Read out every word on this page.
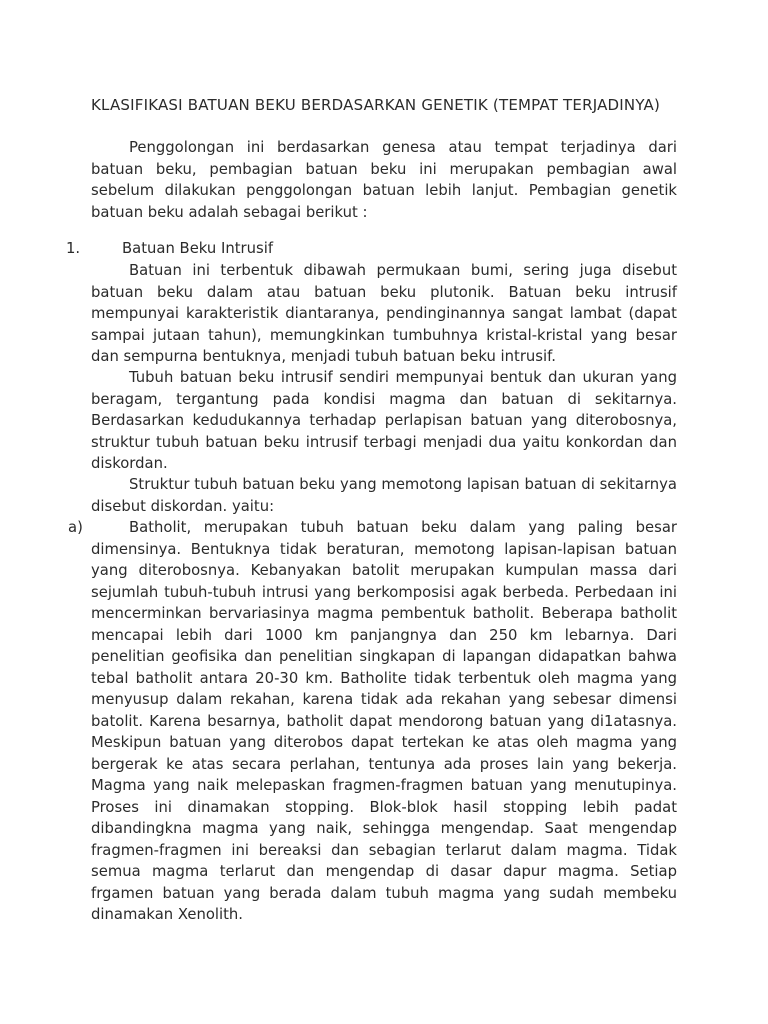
KLASIFIKASI BATUAN BEKU BERDASARKAN GENETIK (TEMPAT TERJADINYA)

Penggolongan ini berdasarkan genesa atau tempat terjadinya dari batuan beku, pembagian batuan beku ini merupakan pembagian awal sebelum dilakukan penggolongan batuan lebih lanjut. Pembagian genetik batuan beku adalah sebagai berikut :

1.	Batuan Beku Intrusif

Batuan ini terbentuk dibawah permukaan bumi, sering juga disebut batuan beku dalam atau batuan beku plutonik. Batuan beku intrusif mempunyai karakteristik diantaranya, pendinginannya sangat lambat (dapat sampai jutaan tahun), memungkinkan tumbuhnya kristal-kristal yang besar dan sempurna bentuknya, menjadi tubuh batuan beku intrusif.

Tubuh batuan beku intrusif sendiri mempunyai bentuk dan ukuran yang beragam, tergantung pada kondisi magma dan batuan di sekitarnya. Berdasarkan kedudukannya terhadap perlapisan batuan yang diterobosnya, struktur tubuh batuan beku intrusif terbagi menjadi dua yaitu konkordan dan diskordan.

Struktur tubuh batuan beku yang memotong lapisan batuan di sekitarnya disebut diskordan. yaitu:

a)	Batholit, merupakan tubuh batuan beku dalam yang paling besar dimensinya. Bentuknya tidak beraturan, memotong lapisan-lapisan batuan yang diterobosnya. Kebanyakan batolit merupakan kumpulan massa dari sejumlah tubuh-tubuh intrusi yang berkomposisi agak berbeda. Perbedaan ini mencerminkan bervariasinya magma pembentuk batholit. Beberapa batholit mencapai lebih dari 1000 km panjangnya dan 250 km lebarnya. Dari penelitian geofisika dan penelitian singkapan di lapangan didapatkan bahwa tebal batholit antara 20-30 km. Batholite tidak terbentuk oleh magma yang menyusup dalam rekahan, karena tidak ada rekahan yang sebesar dimensi batolit. Karena besarnya, batholit dapat mendorong batuan yang di1atasnya. Meskipun batuan yang diterobos dapat tertekan ke atas oleh magma yang bergerak ke atas secara perlahan, tentunya ada proses lain yang bekerja. Magma yang naik melepaskan fragmen-fragmen batuan yang menutupinya. Proses ini dinamakan stopping. Blok-blok hasil stopping lebih padat dibandingkna magma yang naik, sehingga mengendap. Saat mengendap fragmen-fragmen ini bereaksi dan sebagian terlarut dalam magma. Tidak semua magma terlarut dan mengendap di dasar dapur magma. Setiap frgamen batuan yang berada dalam tubuh magma yang sudah membeku dinamakan Xenolith.
